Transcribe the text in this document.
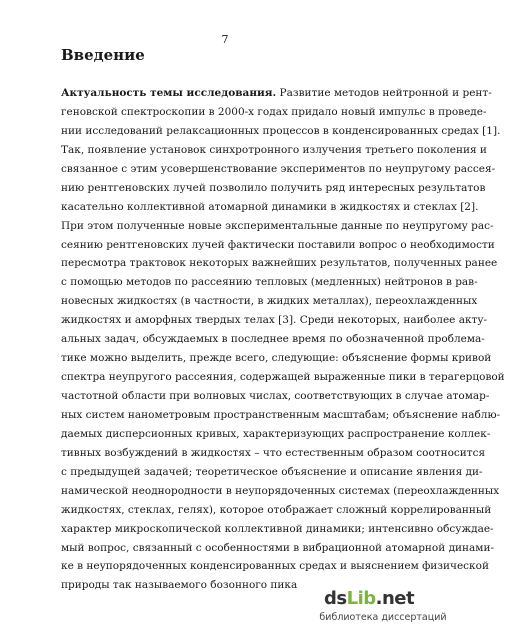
7
Введение
Актуальность темы исследования. Развитие методов нейтронной и рент-
геновской спектроскопии в 2000-х годах придало новый импульс в проведе-
нии исследований релаксационных процессов в конденсированных средах [1].
Так, появление установок синхротронного излучения третьего поколения и
связанное с этим усовершенствование экспериментов по неупругому рассея-
нию рентгеновских лучей позволило получить ряд интересных результатов
касательно коллективной атомарной динамики в жидкостях и стеклах [2].
При этом полученные новые экспериментальные данные по неупругому рас-
сеянию рентгеновских лучей фактически поставили вопрос о необходимости
пересмотра трактовок некоторых важнейших результатов, полученных ранее
с помощью методов по рассеянию тепловых (медленных) нейтронов в рав-
новесных жидкостях (в частности, в жидких металлах), переохлажденных
жидкостях и аморфных твердых телах [3]. Среди некоторых, наиболее акту-
альных задач, обсуждаемых в последнее время по обозначенной проблема-
тике можно выделить, прежде всего, следующие: объяснение формы кривой
спектра неупругого рассеяния, содержащей выраженные пики в терагерцовой
частотной области при волновых числах, соответствующих в случае атомар-
ных систем нанометровым пространственным масштабам; объяснение наблю-
даемых дисперсионных кривых, характеризующих распространение коллек-
тивных возбуждений в жидкостях – что естественным образом соотносится
с предыдущей задачей; теоретическое объяснение и описание явления ди-
намической неоднородности в неупорядоченных системах (переохлажденных
жидкостях, стеклах, гелях), которое отображает сложный коррелированный
характер микроскопической коллективной динамики; интенсивно обсуждае-
мый вопрос, связанный с особенностями в вибрационной атомарной динами-
ке в неупорядоченных конденсированных средах и выяснением физической
природы так называемого бозонного пика
dsLib.net
библиотека диссертаций
